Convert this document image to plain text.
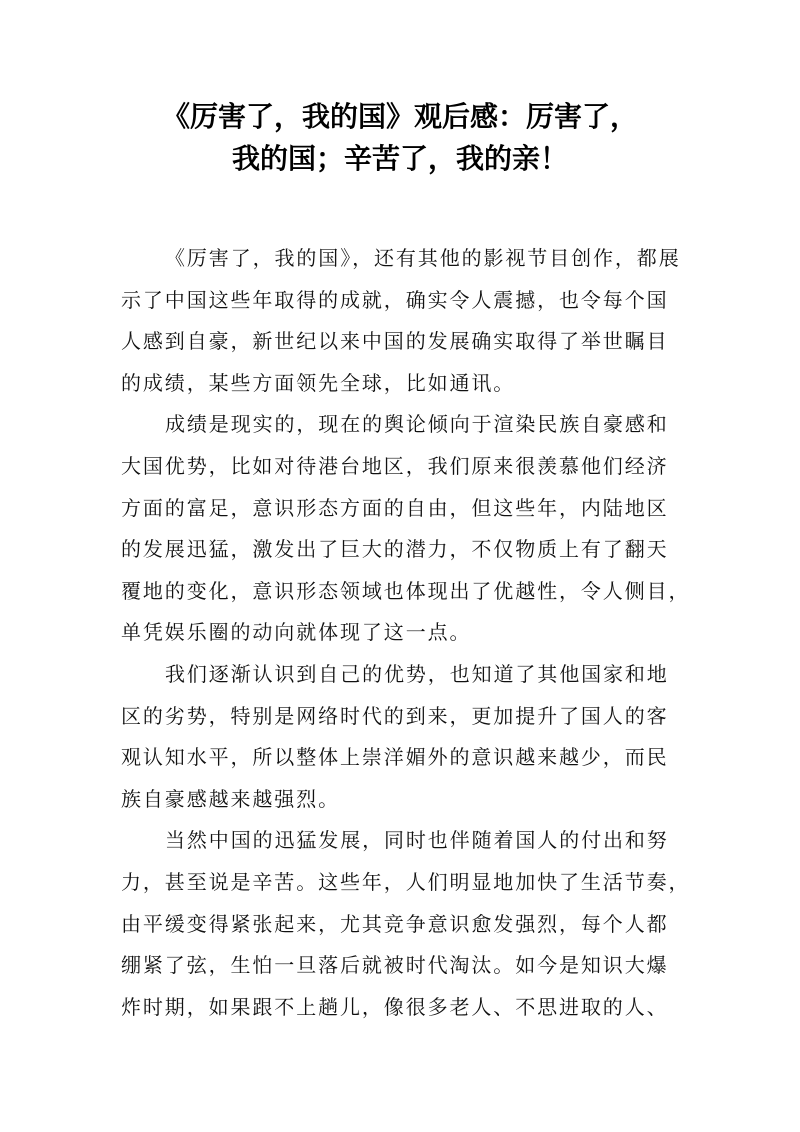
《厉害了，我的国》观后感：厉害了，
我的国；辛苦了，我的亲！
《厉害了，我的国》，还有其他的影视节目创作，都展
示了中国这些年取得的成就，确实令人震撼，也令每个国
人感到自豪，新世纪以来中国的发展确实取得了举世瞩目
的成绩，某些方面领先全球，比如通讯。
成绩是现实的，现在的舆论倾向于渲染民族自豪感和
大国优势，比如对待港台地区，我们原来很羡慕他们经济
方面的富足，意识形态方面的自由，但这些年，内陆地区
的发展迅猛，激发出了巨大的潜力，不仅物质上有了翻天
覆地的变化，意识形态领域也体现出了优越性，令人侧目，
单凭娱乐圈的动向就体现了这一点。
我们逐渐认识到自己的优势，也知道了其他国家和地
区的劣势，特别是网络时代的到来，更加提升了国人的客
观认知水平，所以整体上崇洋媚外的意识越来越少，而民
族自豪感越来越强烈。
当然中国的迅猛发展，同时也伴随着国人的付出和努
力，甚至说是辛苦。这些年，人们明显地加快了生活节奏，
由平缓变得紧张起来，尤其竞争意识愈发强烈，每个人都
绷紧了弦，生怕一旦落后就被时代淘汰。如今是知识大爆
炸时期，如果跟不上趟儿，像很多老人、不思进取的人、
